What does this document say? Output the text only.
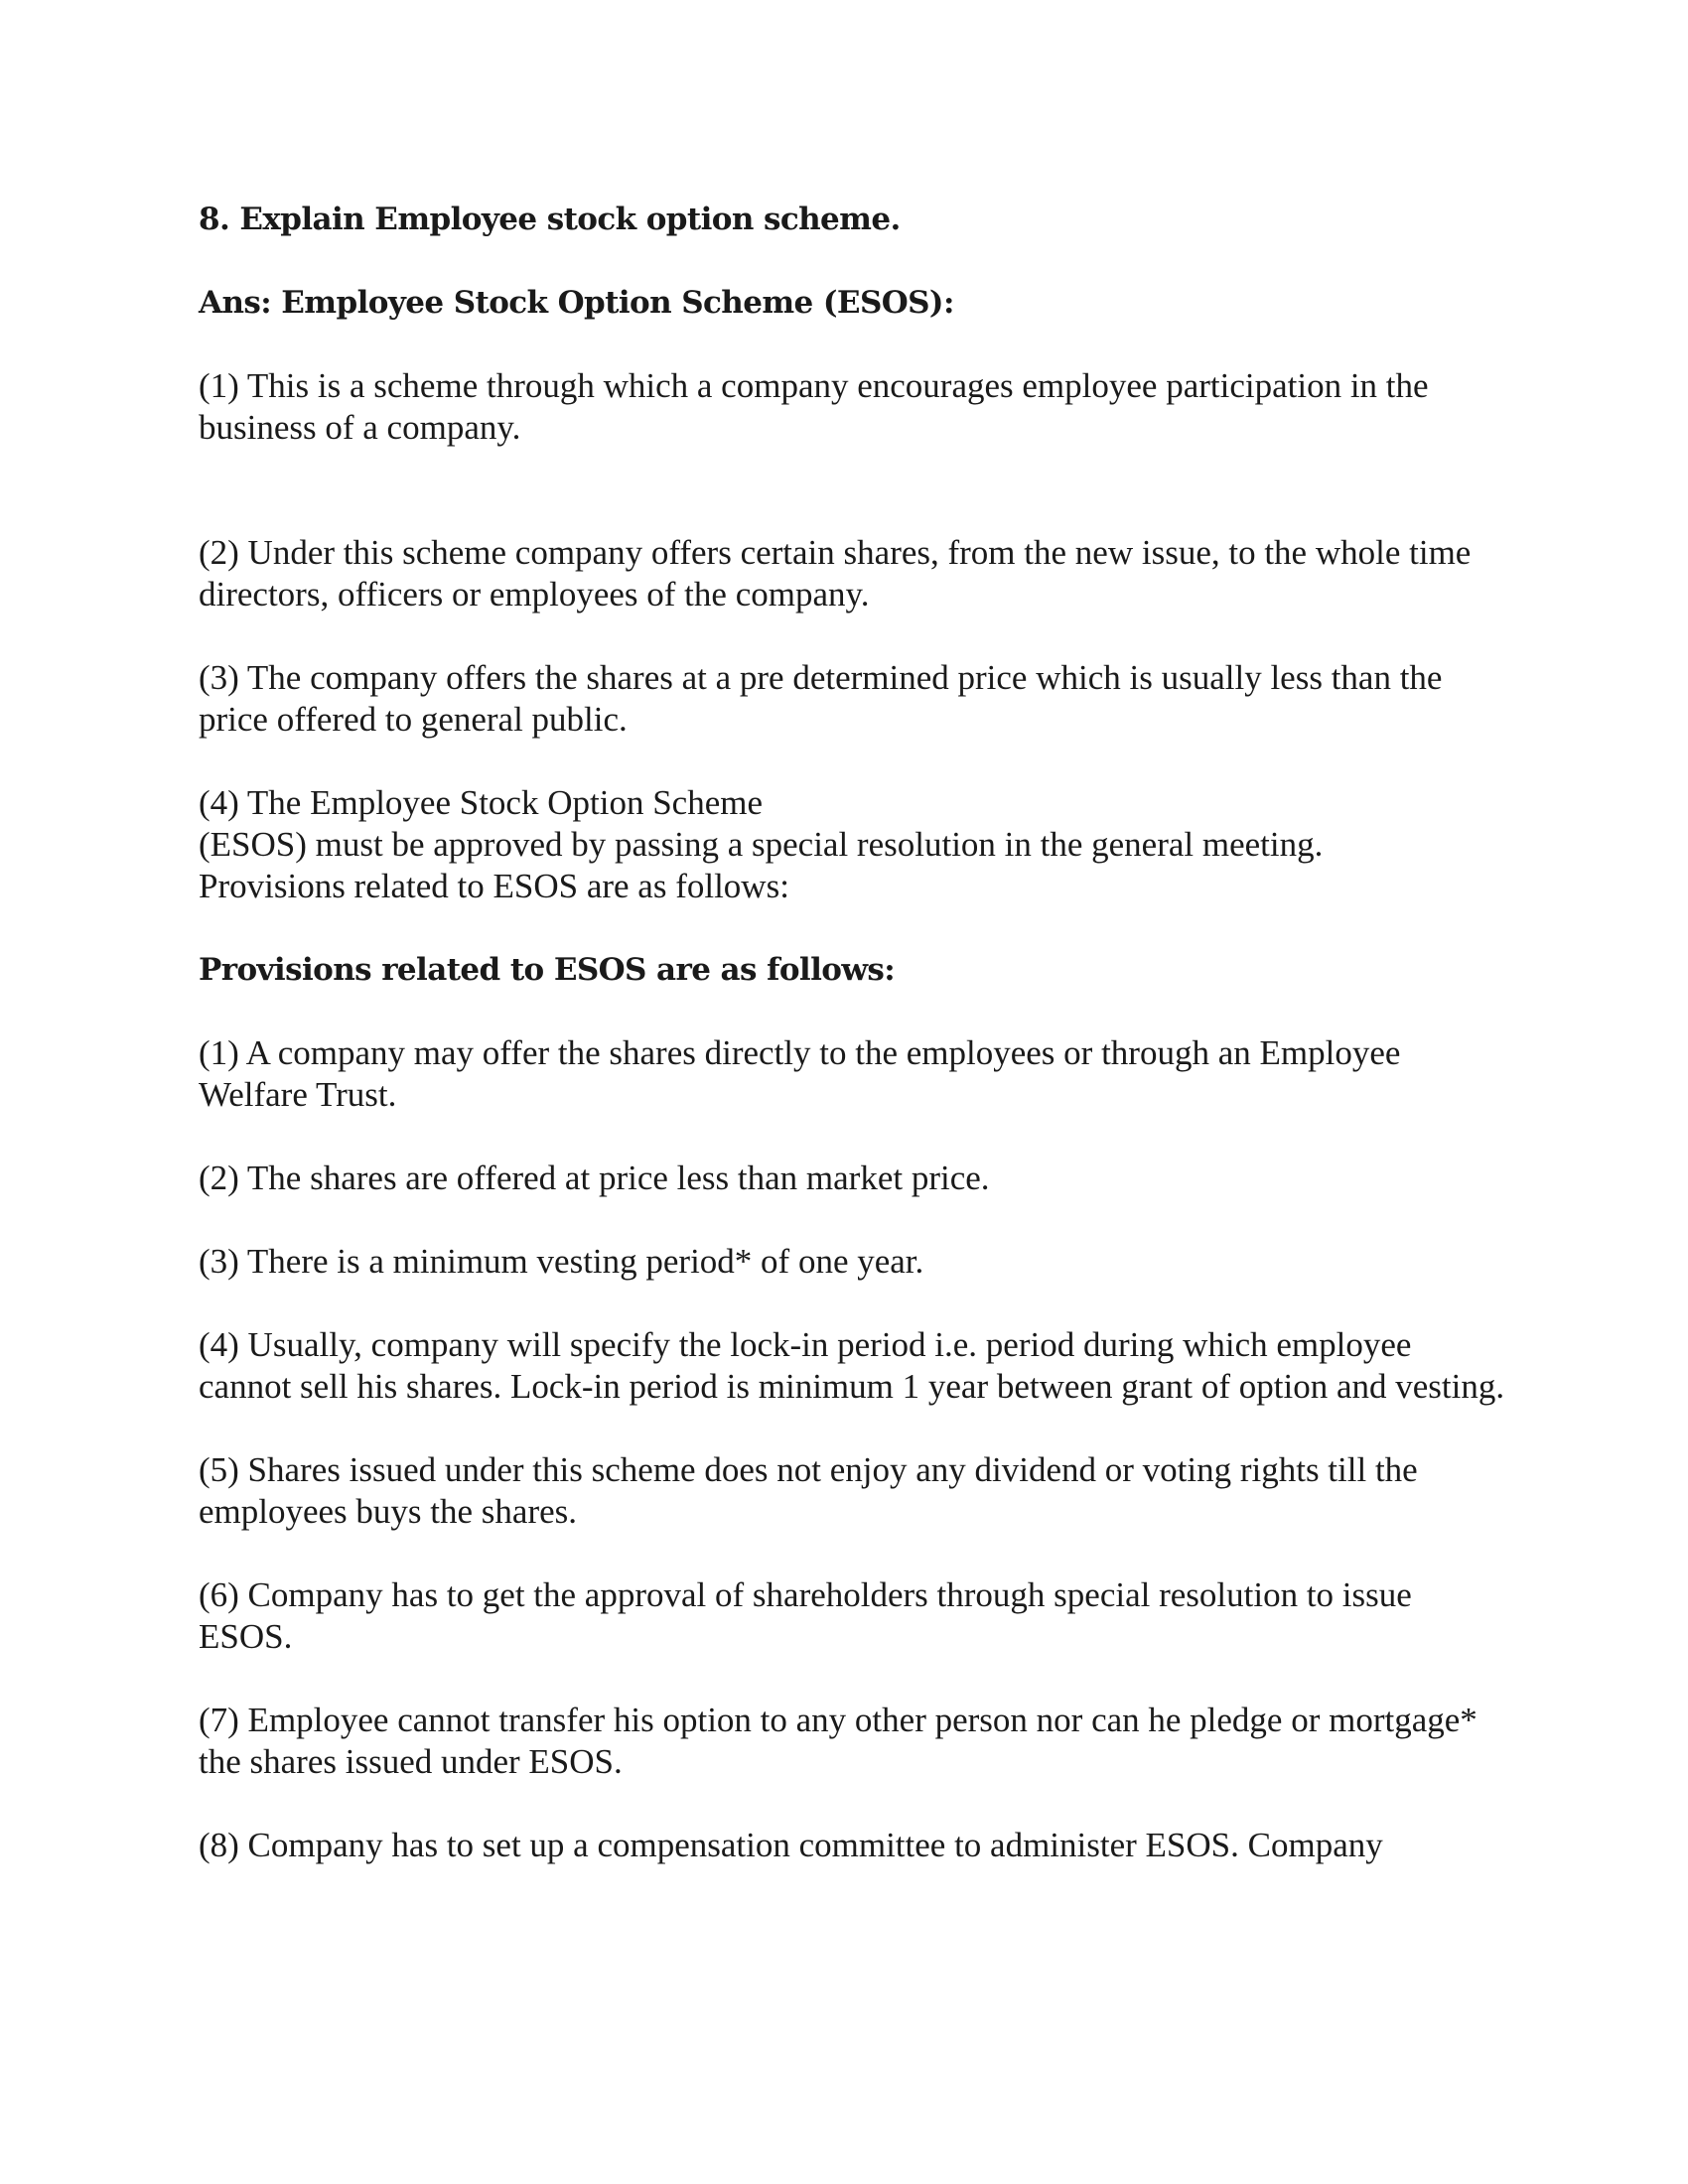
8. Explain Employee stock option scheme.

Ans: Employee Stock Option Scheme (ESOS):

(1) This is a scheme through which a company encourages employee participation in the business of a company.

(2) Under this scheme company offers certain shares, from the new issue, to the whole time directors, officers or employees of the company.

(3) The company offers the shares at a pre determined price which is usually less than the price offered to general public.

(4) The Employee Stock Option Scheme

(ESOS) must be approved by passing a special resolution in the general meeting.

Provisions related to ESOS are as follows:

Provisions related to ESOS are as follows:

(1) A company may offer the shares directly to the employees or through an Employee Welfare Trust.

(2) The shares are offered at price less than market price.

(3) There is a minimum vesting period* of one year.

(4) Usually, company will specify the lock-in period i.e. period during which employee cannot sell his shares. Lock-in period is minimum 1 year between grant of option and vesting.

(5) Shares issued under this scheme does not enjoy any dividend or voting rights till the employees buys the shares.

(6) Company has to get the approval of shareholders through special resolution to issue ESOS.

(7) Employee cannot transfer his option to any other person nor can he pledge or mortgage* the shares issued under ESOS.

(8) Company has to set up a compensation committee to administer ESOS. Company
